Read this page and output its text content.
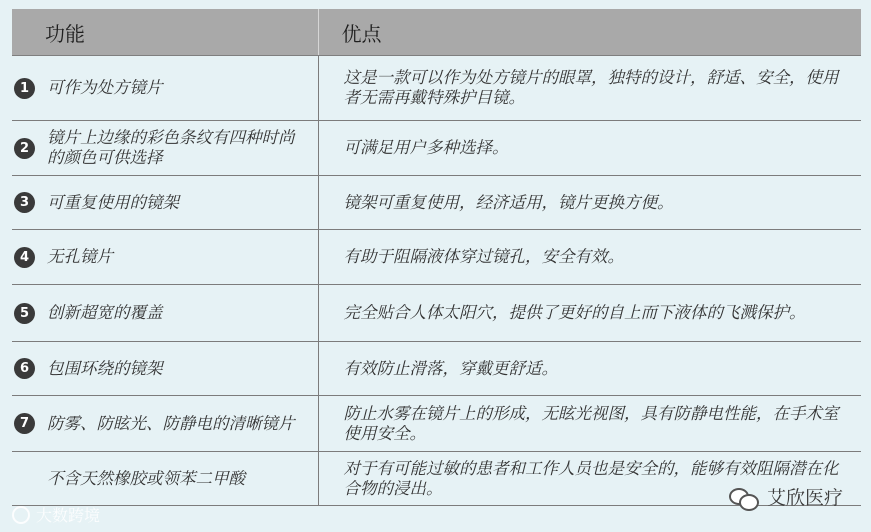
功能	优点

1 可作为处方镜片	这是一款可以作为处方镜片的眼罩，独特的设计，舒适、安全，使用者无需再戴特殊护目镜。

2
镜片上边缘的彩色条纹有四种时尚的颜色可供选择	可满足用户多种选择。

3 可重复使用的镜架	镜架可重复使用，经济适用，镜片更换方便。

4 无孔镜片	有助于阻隔液体穿过镜孔，安全有效。

5 创新超宽的覆盖	完全贴合人体太阳穴，提供了更好的自上而下液体的飞溅保护。

6 包围环绕的镜架	有效防止滑落，穿戴更舒适。

7 防雾、防眩光、防静电的清晰镜片	防止水雾在镜片上的形成，无眩光视图，具有防静电性能，在手术室使用安全。

不含天然橡胶或领苯二甲酸	对于有可能过敏的患者和工作人员也是安全的，能够有效阻隔潜在化合物的浸出。	艾欣医疗
大数跨境
